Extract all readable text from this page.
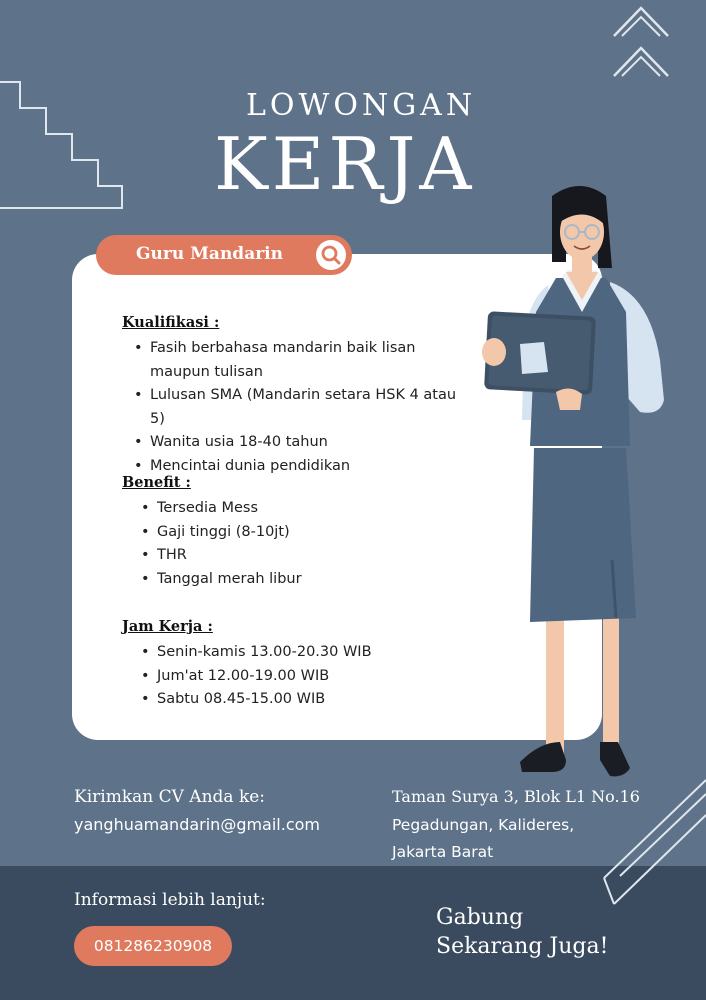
LOWONGAN
KERJA
Guru Mandarin
Kualifikasi :
• Fasih berbahasa mandarin baik lisan maupun tulisan
• Lulusan SMA (Mandarin setara HSK 4 atau 5)
• Wanita usia 18-40 tahun
• Mencintai dunia pendidikan
Benefit :
• Tersedia Mess
• Gaji tinggi (8-10jt)
• THR
• Tanggal merah libur
Jam Kerja :
• Senin-kamis 13.00-20.30 WIB
• Jum'at 12.00-19.00 WIB
• Sabtu 08.45-15.00 WIB
Kirimkan CV Anda ke:
yanghuamandarin@gmail.com
Taman Surya 3, Blok L1 No.16
Pegadungan, Kalideres,
Jakarta Barat
Informasi lebih lanjut:
081286230908
Gabung
Sekarang Juga!
